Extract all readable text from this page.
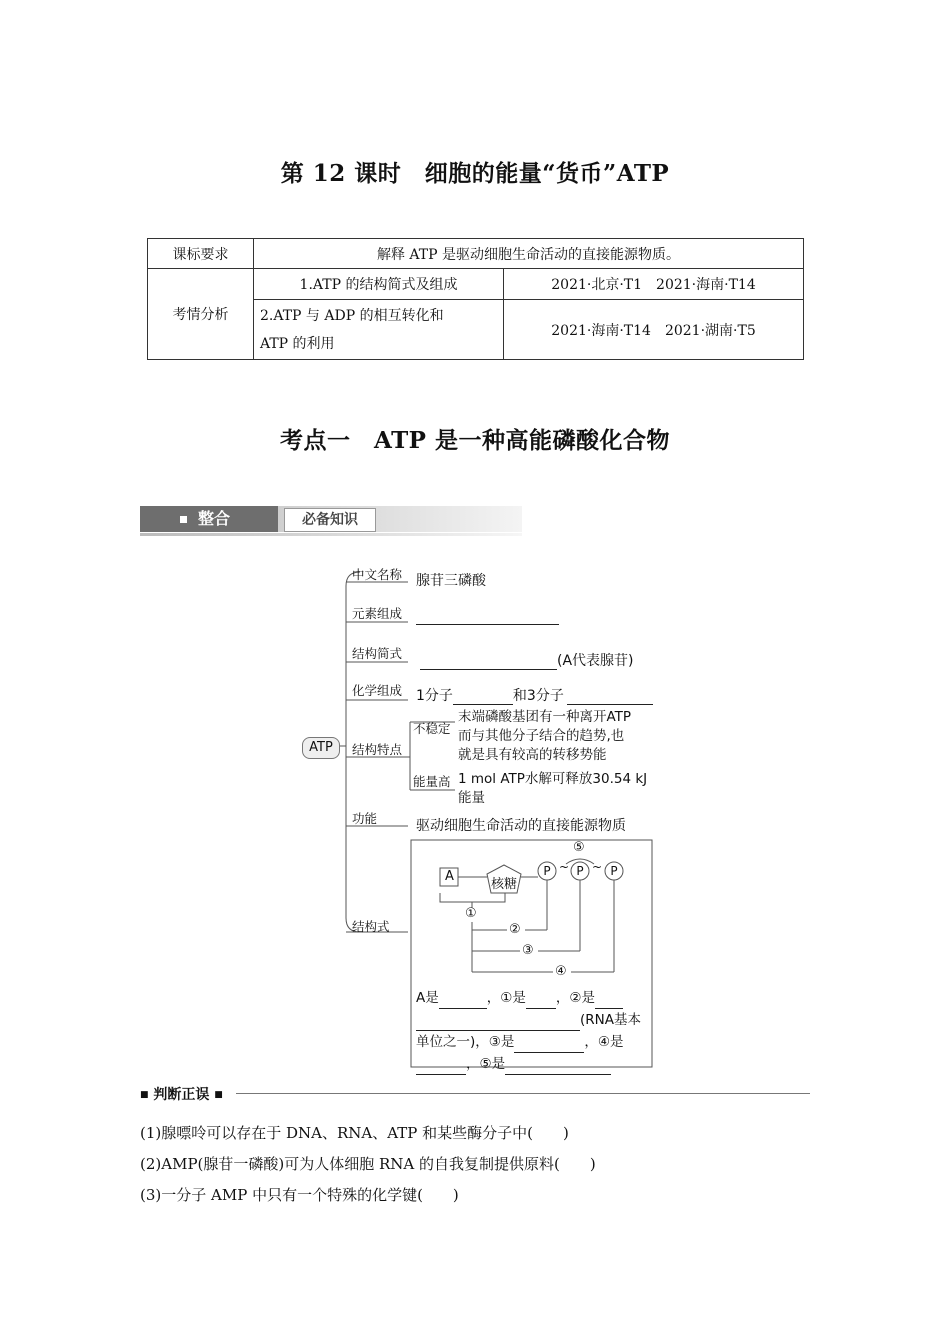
第 12 课时　细胞的能量“货币”ATP
课标要求	解释 ATP 是驱动细胞生命活动的直接能源物质。	
考情分析	1.ATP 的结构简式及组成	2021·北京·T1　2021·海南·T14
	2.ATP 与 ADP 的相互转化和
ATP 的利用	2021·海南·T14　2021·湖南·T5
考点一　ATP 是一种高能磷酸化合物
整合	必备知识
ATP
中文名称 腺苷三磷酸
元素组成
结构简式	(A代表腺苷)
化学组成 1分子	和3分子
结构特点
不稳定
末端磷酸基团有一种离开ATP
而与其他分子结合的趋势,也
就是具有较高的转移势能
能量高 1 mol ATP水解可释放30.54 kJ
能量
功能	驱动细胞生命活动的直接能源物质
结构式
A
核糖
P	P	P
~ ~
⑤
①
②
③
④
A是	，①是 ，②是
(RNA基本
单位之一)，③是	，④是
，⑤是
■ 判断正误 ■
(1)腺嘌呤可以存在于 DNA、RNA、ATP 和某些酶分子中(　　)
(2)AMP(腺苷一磷酸)可为人体细胞 RNA 的自我复制提供原料(　　)
(3)一分子 AMP 中只有一个特殊的化学键(　　)
